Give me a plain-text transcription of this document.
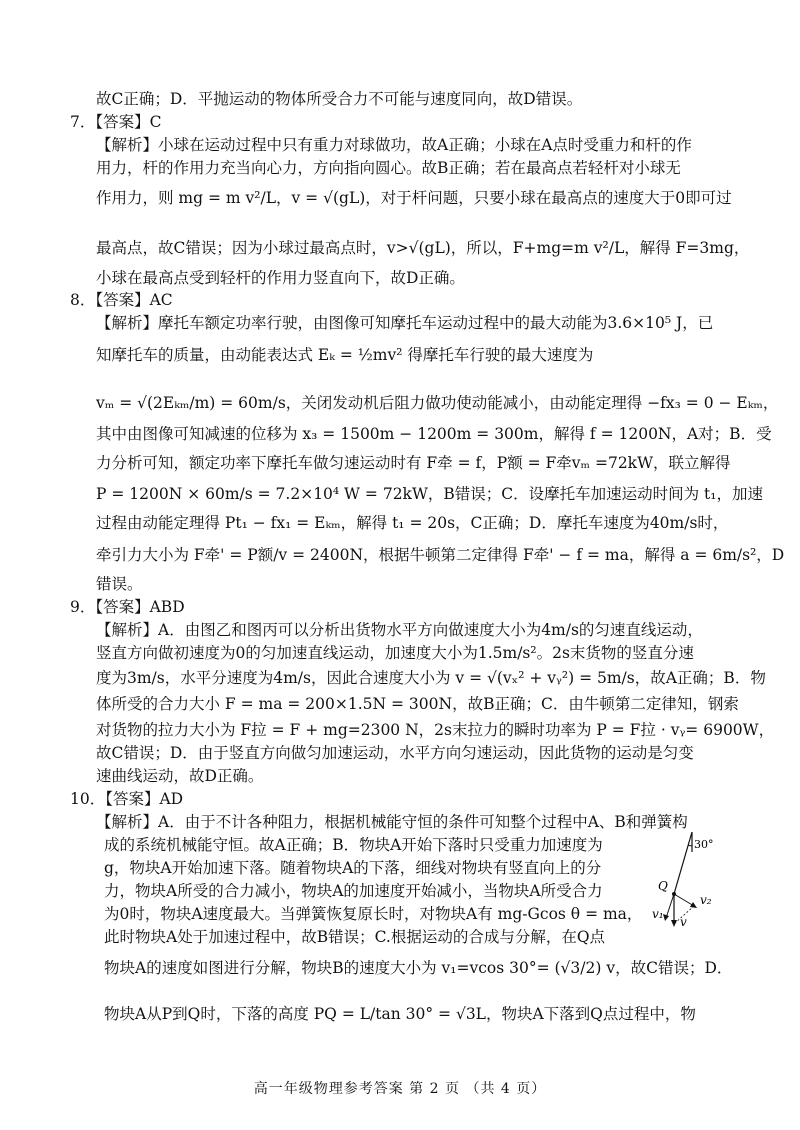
故C正确；D．平抛运动的物体所受合力不可能与速度同向，故D错误。
7．【答案】C
【解析】小球在运动过程中只有重力对球做功，故A正确；小球在A点时受重力和杆的作
用力，杆的作用力充当向心力，方向指向圆心。故B正确；若在最高点若轻杆对小球无
作用力，则 mg = m v²/L，v = √(gL)，对于杆问题，只要小球在最高点的速度大于0即可过
最高点，故C错误；因为小球过最高点时，v>√(gL)，所以，F+mg=m v²/L，解得 F=3mg，
小球在最高点受到轻杆的作用力竖直向下，故D正确。
8．【答案】AC
【解析】摩托车额定功率行驶，由图像可知摩托车运动过程中的最大动能为3.6×10⁵ J，已
知摩托车的质量，由动能表达式 Eₖ = ½mv² 得摩托车行驶的最大速度为
vₘ = √(2Eₖₘ/m) = 60m/s，关闭发动机后阻力做功使动能减小，由动能定理得 −fx₃ = 0 − Eₖₘ，
其中由图像可知减速的位移为 x₃ = 1500m − 1200m = 300m，解得 f = 1200N，A对；B．受
力分析可知，额定功率下摩托车做匀速运动时有 F牵 = f，P额 = F牵vₘ =72kW，联立解得
P = 1200N × 60m/s = 7.2×10⁴ W = 72kW，B错误；C．设摩托车加速运动时间为 t₁，加速
过程由动能定理得 Pt₁ − fx₁ = Eₖₘ，解得 t₁ = 20s，C正确；D．摩托车速度为40m/s时，
牵引力大小为 F牵' = P额/v = 2400N，根据牛顿第二定律得 F牵' − f = ma，解得 a = 6m/s²，D
错误。
9．【答案】ABD
【解析】A．由图乙和图丙可以分析出货物水平方向做速度大小为4m/s的匀速直线运动，
竖直方向做初速度为0的匀加速直线运动，加速度大小为1.5m/s²。2s末货物的竖直分速
度为3m/s，水平分速度为4m/s，因此合速度大小为 v = √(vₓ² + vᵧ²) = 5m/s，故A正确；B．物
体所受的合力大小 F = ma = 200×1.5N = 300N，故B正确；C．由牛顿第二定律知，钢索
对货物的拉力大小为 F拉 = F + mg=2300 N，2s末拉力的瞬时功率为 P = F拉 · vᵧ= 6900W，
故C错误；D．由于竖直方向做匀加速运动，水平方向匀速运动，因此货物的运动是匀变
速曲线运动，故D正确。
10．【答案】AD
【解析】A．由于不计各种阻力，根据机械能守恒的条件可知整个过程中A、B和弹簧构
成的系统机械能守恒。故A正确；B．物块A开始下落时只受重力加速度为
g，物块A开始加速下落。随着物块A的下落，细线对物块有竖直向上的分
力，物块A所受的合力减小，物块A的加速度开始减小，当物块A所受合力
为0时，物块A速度最大。当弹簧恢复原长时，对物块A有 mg-Gcos θ = ma，
此时物块A处于加速过程中，故B错误；C.根据运动的合成与分解，在Q点
物块A的速度如图进行分解，物块B的速度大小为 v₁=vcos 30°= (√3/2) v，故C错误；D．
物块A从P到Q时，下落的高度 PQ = L/tan 30° = √3L，物块A下落到Q点过程中，物
30°
Q
v
v₁
v₂
高一年级物理参考答案 第 2 页 （共 4 页）
